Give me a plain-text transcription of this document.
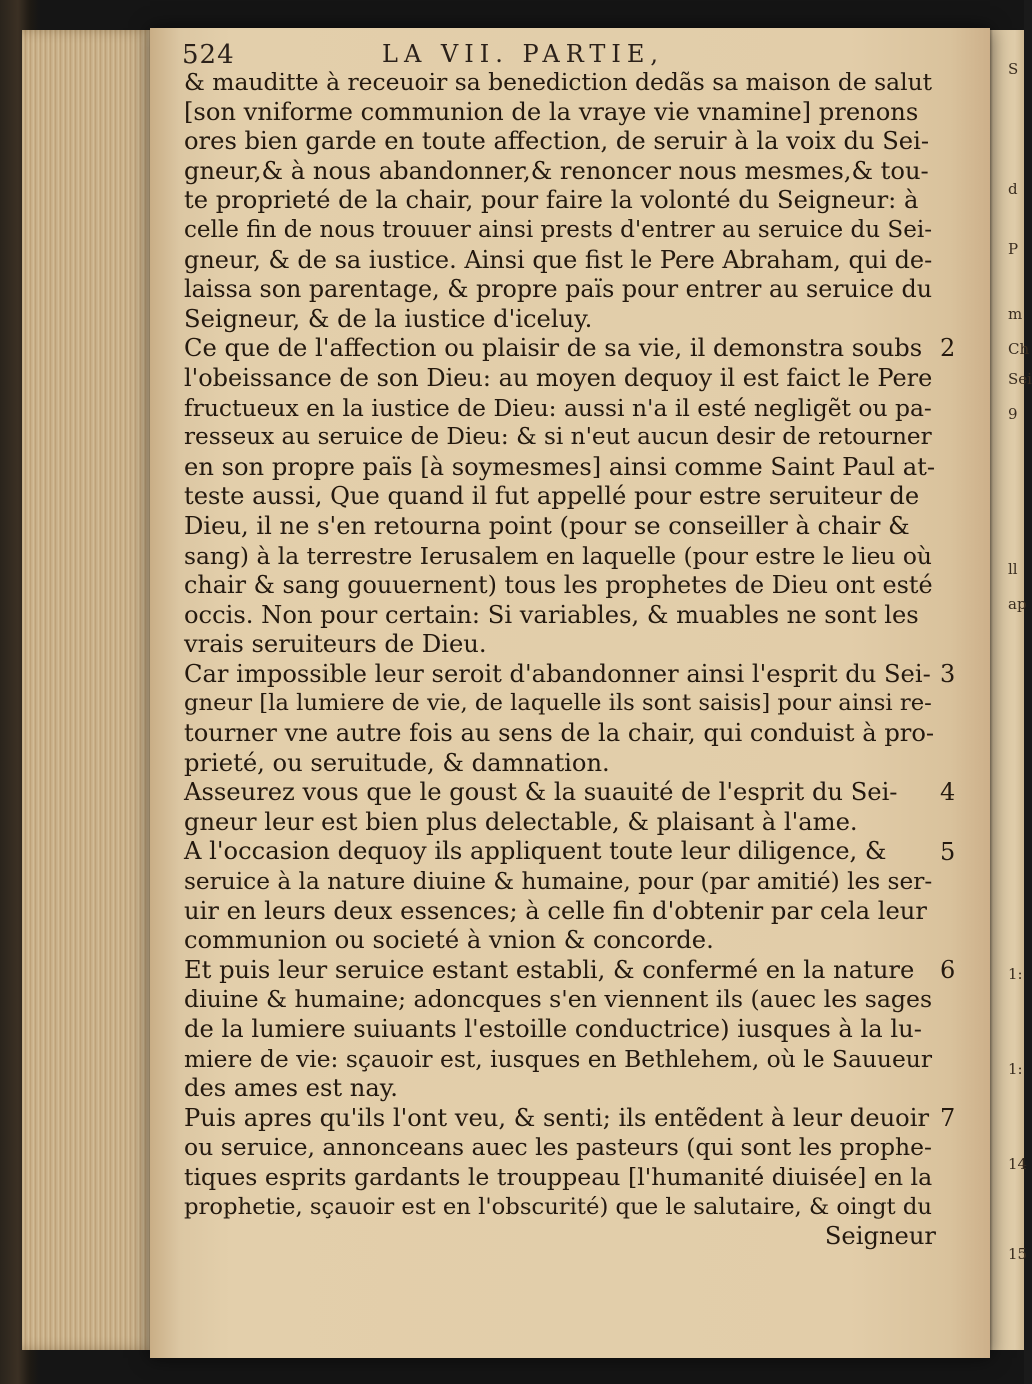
S
d
P
m
Ch
Sei
9
ll
ap
1:
1:
14
15
524	LA VII. PARTIE,
& mauditte à receuoir sa benediction dedãs sa maison de salut
[son vniforme communion de la vraye vie vnamine] prenons
ores bien garde en toute affection, de seruir à la voix du Sei-
gneur,& à nous abandonner,& renoncer nous mesmes,& tou-
te proprieté de la chair, pour faire la volonté du Seigneur: à
celle fin de nous trouuer ainsi prests d'entrer au seruice du Sei-
gneur, & de sa iustice. Ainsi que fist le Pere Abraham, qui de-
laissa son parentage, & propre païs pour entrer au seruice du
Seigneur, & de la iustice d'iceluy.
Ce que de l'affection ou plaisir de sa vie, il demonstra soubs
l'obeissance de son Dieu: au moyen dequoy il est faict le Pere
fructueux en la iustice de Dieu: aussi n'a il esté negligẽt ou pa-
resseux au seruice de Dieu: & si n'eut aucun desir de retourner
en son propre païs [à soymesmes] ainsi comme Saint Paul at-
teste aussi, Que quand il fut appellé pour estre seruiteur de
Dieu, il ne s'en retourna point (pour se conseiller à chair &
sang) à la terrestre Ierusalem en laquelle (pour estre le lieu où
chair & sang gouuernent) tous les prophetes de Dieu ont esté
occis. Non pour certain: Si variables, & muables ne sont les
vrais seruiteurs de Dieu.
Car impossible leur seroit d'abandonner ainsi l'esprit du Sei-
gneur [la lumiere de vie, de laquelle ils sont saisis] pour ainsi re-
tourner vne autre fois au sens de la chair, qui conduist à pro-
prieté, ou seruitude, & damnation.
Asseurez vous que le goust & la suauité de l'esprit du Sei-
gneur leur est bien plus delectable, & plaisant à l'ame.
A l'occasion dequoy ils appliquent toute leur diligence, &
seruice à la nature diuine & humaine, pour (par amitié) les ser-
uir en leurs deux essences; à celle fin d'obtenir par cela leur
communion ou societé à vnion & concorde.
Et puis leur seruice estant establi, & confermé en la nature
diuine & humaine; adoncques s'en viennent ils (auec les sages
de la lumiere suiuants l'estoille conductrice) iusques à la lu-
miere de vie: sçauoir est, iusques en Bethlehem, où le Sauueur
des ames est nay.
Puis apres qu'ils l'ont veu, & senti; ils entẽdent à leur deuoir
ou seruice, annonceans auec les pasteurs (qui sont les prophe-
tiques esprits gardants le trouppeau [l'humanité diuisée] en la
prophetie, sçauoir est en l'obscurité) que le salutaire, & oingt du
Seigneur
2
3
4
5
6
7
